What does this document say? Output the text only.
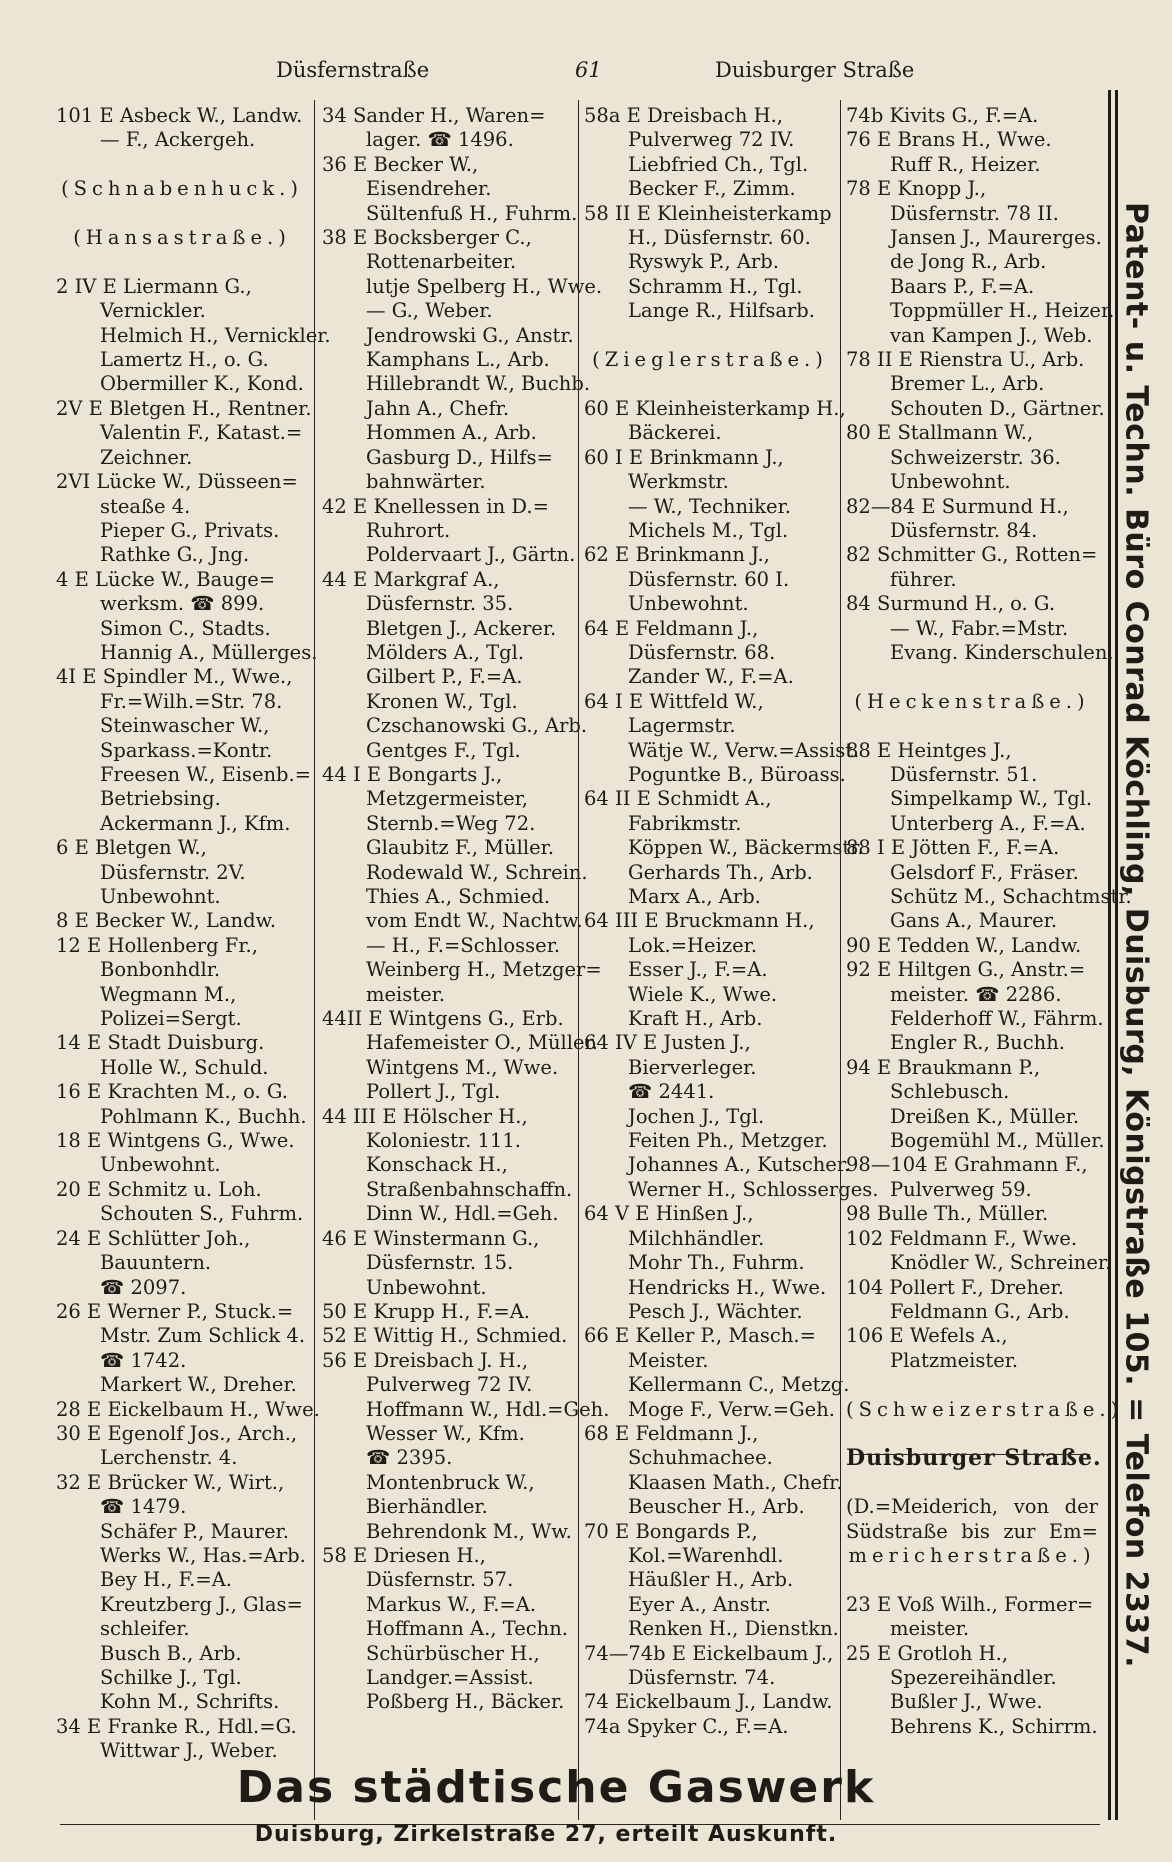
Düsfernstraße	61	Duisburger Straße
101 E Asbeck W., Landw.
— F., Ackergeh.

(Schnabenhuck.)

(Hansastraße.)

2 IV E Liermann G.,
Vernickler.
Helmich H., Vernickler.
Lamertz H., o. G.
Obermiller K., Kond.
2V E Bletgen H., Rentner.
Valentin F., Katast.=
Zeichner.
2VI Lücke W., Düsseen=
steaße 4.
Pieper G., Privats.
Rathke G., Jng.
4 E Lücke W., Bauge=
werksm. ☎ 899.
Simon C., Stadts.
Hannig A., Müllerges.
4I E Spindler M., Wwe.,
Fr.=Wilh.=Str. 78.
Steinwascher W.,
Sparkass.=Kontr.
Freesen W., Eisenb.=
Betriebsing.
Ackermann J., Kfm.
6 E Bletgen W.,
Düsfernstr. 2V.
Unbewohnt.
8 E Becker W., Landw.
12 E Hollenberg Fr.,
Bonbonhdlr.
Wegmann M.,
Polizei=Sergt.
14 E Stadt Duisburg.
Holle W., Schuld.
16 E Krachten M., o. G.
Pohlmann K., Buchh.
18 E Wintgens G., Wwe.
Unbewohnt.
20 E Schmitz u. Loh.
Schouten S., Fuhrm.
24 E Schlütter Joh.,
Bauuntern.
☎ 2097.
26 E Werner P., Stuck.=
Mstr. Zum Schlick 4.
☎ 1742.
Markert W., Dreher.
28 E Eickelbaum H., Wwe.
30 E Egenolf Jos., Arch.,
Lerchenstr. 4.
32 E Brücker W., Wirt.,
☎ 1479.
Schäfer P., Maurer.
Werks W., Has.=Arb.
Bey H., F.=A.
Kreutzberg J., Glas=
schleifer.
Busch B., Arb.
Schilke J., Tgl.
Kohn M., Schrifts.
34 E Franke R., Hdl.=G.
Wittwar J., Weber.
34 Sander H., Waren=
lager. ☎ 1496.
36 E Becker W.,
Eisendreher.
Sültenfuß H., Fuhrm.
38 E Bocksberger C.,
Rottenarbeiter.
lutje Spelberg H., Wwe.
— G., Weber.
Jendrowski G., Anstr.
Kamphans L., Arb.
Hillebrandt W., Buchb.
Jahn A., Chefr.
Hommen A., Arb.
Gasburg D., Hilfs=
bahnwärter.
42 E Knellessen in D.=
Ruhrort.
Poldervaart J., Gärtn.
44 E Markgraf A.,
Düsfernstr. 35.
Bletgen J., Ackerer.
Mölders A., Tgl.
Gilbert P., F.=A.
Kronen W., Tgl.
Czschanowski G., Arb.
Gentges F., Tgl.
44 I E Bongarts J.,
Metzgermeister,
Sternb.=Weg 72.
Glaubitz F., Müller.
Rodewald W., Schrein.
Thies A., Schmied.
vom Endt W., Nachtw.
— H., F.=Schlosser.
Weinberg H., Metzger=
meister.
44II E Wintgens G., Erb.
Hafemeister O., Müller.
Wintgens M., Wwe.
Pollert J., Tgl.
44 III E Hölscher H.,
Koloniestr. 111.
Konschack H.,
Straßenbahnschaffn.
Dinn W., Hdl.=Geh.
46 E Winstermann G.,
Düsfernstr. 15.
Unbewohnt.
50 E Krupp H., F.=A.
52 E Wittig H., Schmied.
56 E Dreisbach J. H.,
Pulverweg 72 IV.
Hoffmann W., Hdl.=Geh.
Wesser W., Kfm.
☎ 2395.
Montenbruck W.,
Bierhändler.
Behrendonk M., Ww.
58 E Driesen H.,
Düsfernstr. 57.
Markus W., F.=A.
Hoffmann A., Techn.
Schürbüscher H.,
Landger.=Assist.
Poßberg H., Bäcker.
58a E Dreisbach H.,
Pulverweg 72 IV.
Liebfried Ch., Tgl.
Becker F., Zimm.
58 II E Kleinheisterkamp
H., Düsfernstr. 60.
Ryswyk P., Arb.
Schramm H., Tgl.
Lange R., Hilfsarb.

(Zieglerstraße.)

60 E Kleinheisterkamp H.,
Bäckerei.
60 I E Brinkmann J.,
Werkmstr.
— W., Techniker.
Michels M., Tgl.
62 E Brinkmann J.,
Düsfernstr. 60 I.
Unbewohnt.
64 E Feldmann J.,
Düsfernstr. 68.
Zander W., F.=A.
64 I E Wittfeld W.,
Lagermstr.
Wätje W., Verw.=Assist.
Poguntke B., Büroass.
64 II E Schmidt A.,
Fabrikmstr.
Köppen W., Bäckermstr.
Gerhards Th., Arb.
Marx A., Arb.
64 III E Bruckmann H.,
Lok.=Heizer.
Esser J., F.=A.
Wiele K., Wwe.
Kraft H., Arb.
64 IV E Justen J.,
Bierverleger.
☎ 2441.
Jochen J., Tgl.
Feiten Ph., Metzger.
Johannes A., Kutscher.
Werner H., Schlosserges.
64 V E Hinßen J.,
Milchhändler.
Mohr Th., Fuhrm.
Hendricks H., Wwe.
Pesch J., Wächter.
66 E Keller P., Masch.=
Meister.
Kellermann C., Metzg.
Moge F., Verw.=Geh.
68 E Feldmann J.,
Schuhmachee.
Klaasen Math., Chefr.
Beuscher H., Arb.
70 E Bongards P.,
Kol.=Warenhdl.
Häußler H., Arb.
Eyer A., Anstr.
Renken H., Dienstkn.
74—74b E Eickelbaum J.,
Düsfernstr. 74.
74 Eickelbaum J., Landw.
74a Spyker C., F.=A.
74b Kivits G., F.=A.
76 E Brans H., Wwe.
Ruff R., Heizer.
78 E Knopp J.,
Düsfernstr. 78 II.
Jansen J., Maurerges.
de Jong R., Arb.
Baars P., F.=A.
Toppmüller H., Heizer.
van Kampen J., Web.
78 II E Rienstra U., Arb.
Bremer L., Arb.
Schouten D., Gärtner.
80 E Stallmann W.,
Schweizerstr. 36.
Unbewohnt.
82—84 E Surmund H.,
Düsfernstr. 84.
82 Schmitter G., Rotten=
führer.
84 Surmund H., o. G.
— W., Fabr.=Mstr.
Evang. Kinderschulen.

(Heckenstraße.)

88 E Heintges J.,
Düsfernstr. 51.
Simpelkamp W., Tgl.
Unterberg A., F.=A.
88 I E Jötten F., F.=A.
Gelsdorf F., Fräser.
Schütz M., Schachtmstr.
Gans A., Maurer.
90 E Tedden W., Landw.
92 E Hiltgen G., Anstr.=
meister. ☎ 2286.
Felderhoff W., Fährm.
Engler R., Buchh.
94 E Braukmann P.,
Schlebusch.
Dreißen K., Müller.
Bogemühl M., Müller.
98—104 E Grahmann F.,
Pulverweg 59.
98 Bulle Th., Müller.
102 Feldmann F., Wwe.
Knödler W., Schreiner.
104 Pollert F., Dreher.
Feldmann G., Arb.
106 E Wefels A.,
Platzmeister.

(Schweizerstraße.)

Duisburger Straße.

(D.=Meiderich, von der
Südstraße bis zur Em=
mericherstraße.)

23 E Voß Wilh., Former=
meister.
25 E Grotloh H.,
Spezereihändler.
Bußler J., Wwe.
Behrens K., Schirrm.
Patent- u. Techn. Büro Conrad Köchling, Duisburg, Königstraße 105. = Telefon 2337.
Das städtische Gaswerk
Duisburg, Zirkelstraße 27, erteilt Auskunft.
